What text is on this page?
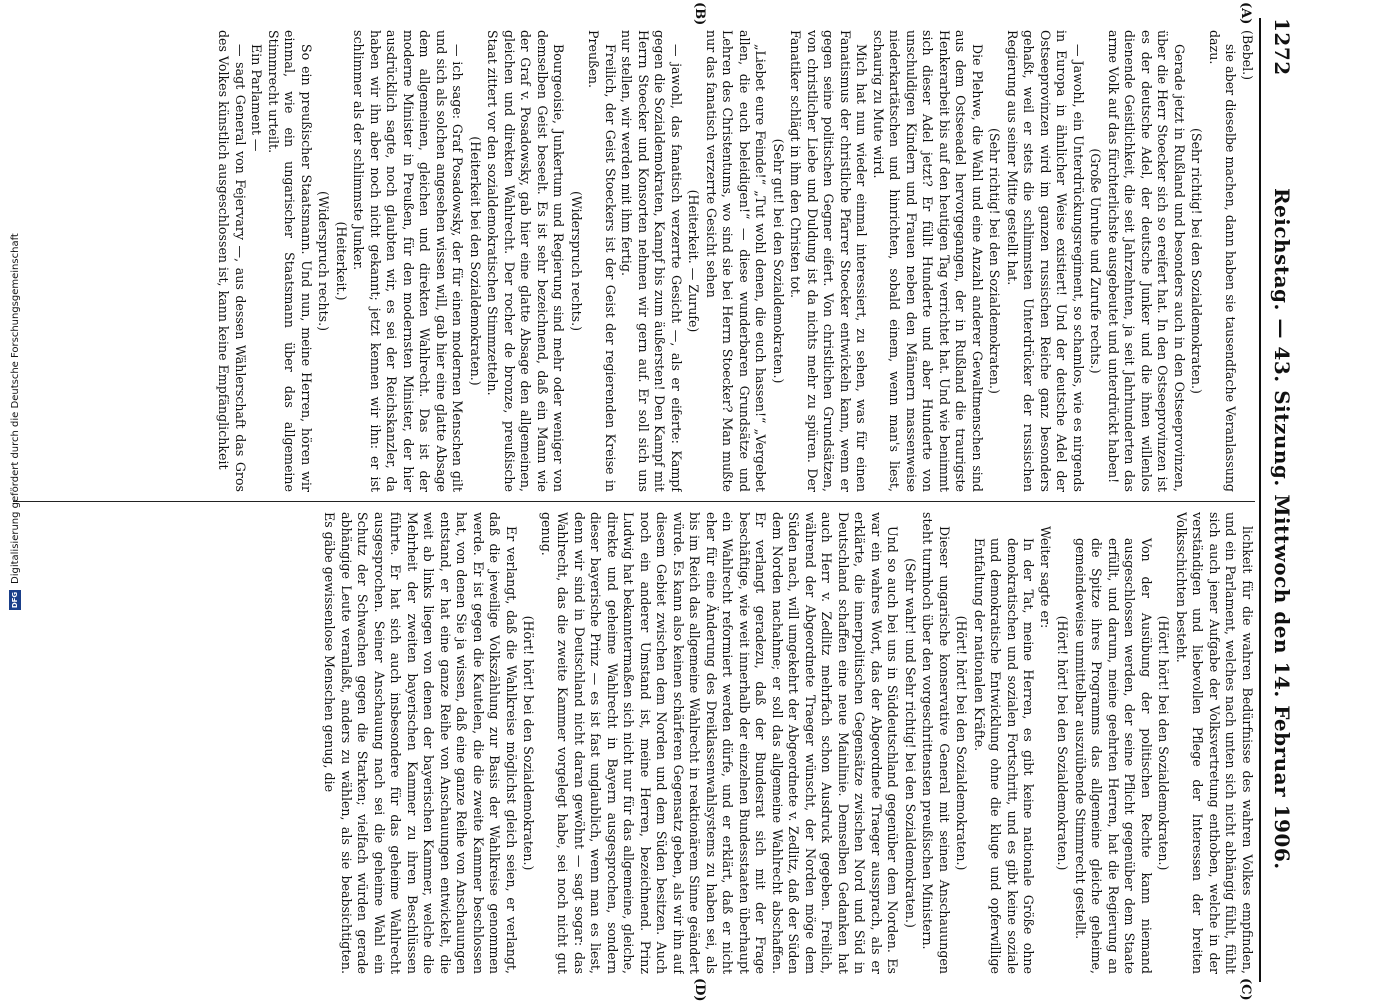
1272
Reichstag. — 43. Sitzung. Mittwoch den 14. Februar 1906.
(A)
(B)
(C)
(D)

(Bebel.)

sie aber dieselbe machen, dann haben sie tausendfache Veranlassung dazu.

(Sehr richtig! bei den Sozialdemokraten.)

Gerade jetzt in Rußland und besonders auch in den Ostseeprovinzen, über die Herr Stoecker sich so ereifert hat. In den Ostseeprovinzen ist es der deutsche Adel, der deutsche Junker und die ihnen willenlos dienende Geistlichkeit, die seit Jahrzehnten, ja seit Jahrhunderten das arme Volk auf das fürchterlichste ausgebeutet und unterdrückt haben!

(Große Unruhe und Zurufe rechts.)

— Jawohl, ein Unterdrückungsregiment, so schamlos, wie es nirgends in Europa in ähnlicher Weise existiert! Und der deutsche Adel der Ostseeprovinzen wird im ganzen russischen Reiche ganz besonders gehaßt, weil er stets die schlimmsten Unterdrücker der russischen Regierung aus seiner Mitte gestellt hat.

(Sehr richtig! bei den Sozialdemokraten.)

Die Plehwe, die Wahl und eine Anzahl anderer Gewaltmenschen sind aus dem Ostseeadel hervorgegangen, der in Rußland die traurigste Henkerarbeit bis auf den heutigen Tag verrichtet hat. Und wie benimmt sich dieser Adel jetzt? Er füllt Hunderte und aber Hunderte von unschuldigen Kindern und Frauen neben den Männern massenweise niederkartätschen und hinrichten, sobald einem, wenn man's liest, schaurig zu Mute wird.

Mich hat nun wieder einmal interessiert, zu sehen, was für einen Fanatismus der christliche Pfarrer Stoecker entwickeln kann, wenn er gegen seine politischen Gegner eifert. Von christlichen Grundsätzen, von christlicher Liebe und Duldung ist da nichts mehr zu spüren. Der Fanatiker schlägt in ihm den Christen tot.

(Sehr gut! bei den Sozialdemokraten.)

„Liebet eure Feinde!“ „Tut wohl denen, die euch hassen!“ „Vergebet allen, die euch beleidigen!“ — diese wunderbaren Grundsätze und Lehren des Christentums, wo sind sie bei Herrn Stoecker? Man mußte nur das fanatisch verzerrte Gesicht sehen

(Heiterkeit. — Zurufe)

— jawohl, das fanatisch verzerrte Gesicht —, als er eiferte: Kampf gegen die Sozialdemokraten, Kampf bis zum äußersten! Den Kampf mit Herrn Stoecker und Konsorten nehmen wir gern auf. Er soll sich uns nur stellen, wir werden mit ihm fertig.

Freilich, der Geist Stoeckers ist der Geist der regierenden Kreise in Preußen.

(Widerspruch rechts.)

Bourgeoisie, Junkertum und Regierung sind mehr oder weniger von demselben Geist beseelt. Es ist sehr bezeichnend, daß ein Mann wie der Graf v. Posadowsky, gab hier eine glatte Absage den allgemeinen, gleichen und direkten Wahlrecht. Der rocher de bronze, preußische Staat zittert vor den sozialdemokratischen Stimmzetteln.

(Heiterkeit bei den Sozialdemokraten.)

— ich sage: Graf Posadowsky, der für einen modernen Menschen gilt und sich als solchen angesehen wissen will, gab hier eine glatte Absage dem allgemeinen, gleichen und direkten Wahlrecht. Das ist der moderne Minister in Preußen, für den modernsten Minister, der hier ausdrücklich sagte, noch glaubten wir, es sei der Reichskanzler, da haben wir ihn aber noch nicht gekannt; jetzt kennen wir ihn: er ist schlimmer als der schlimmste Junker.

(Heiterkeit.)

(Widerspruch rechts.)

So ein preußischer Staatsmann. Und nun, meine Herren, hören wir einmal, wie ein ungarischer Staatsmann über das allgemeine Stimmrecht urteilt.

Ein Parlament —

— sagt General von Fejervary —, aus dessen Wählerschaft das Gros des Volkes künstlich ausgeschlossen ist, kann keine Empfänglichkeit

lichkeit für die wahren Bedürfnisse des wahren Volkes empfinden, und ein Parlament, welches nach unten sich nicht abhängig fühlt, fühlt sich auch jener Aufgabe der Volksvertretung enthoben, welche in der verständigen und liebevollen Pflege der Interessen der breiten Volksschichten besteht.

(Hört! hört! bei den Sozialdemokraten.)

Von der Ausübung der politischen Rechte kann niemand ausgeschlossen werden, der seine Pflicht gegenüber dem Staate erfüllt, und darum, meine geehrten Herren, hat die Regierung an die Spitze ihres Programms das allgemeine gleiche geheime, gemeindeweise unmittelbar auszuübende Stimmrecht gestellt.

(Hört! hört! bei den Sozialdemokraten.)

Weiter sagte er:

In der Tat, meine Herren, es gibt keine nationale Größe ohne demokratischen und sozialen Fortschritt, und es gibt keine soziale und demokratische Entwicklung ohne die kluge und opferwillige Entfaltung der nationalen Kräfte.

(Hört! hört! bei den Sozialdemokraten.)

Dieser ungarische konservative General mit seinen Anschauungen steht turmhoch über den vorgeschrittensten preußischen Ministern.

(Sehr wahr! und Sehr richtig! bei den Sozialdemokraten.)

Und so auch bei uns in Süddeutschland gegenüber dem Norden. Es war ein wahres Wort, das der Abgeordnete Traeger aussprach, als er erklärte, die innerpolitischen Gegensätze zwischen Nord und Süd in Deutschland schaffen eine neue Mainlinie. Demselben Gedanken hat auch Herr v. Zedlitz mehrfach schon Ausdruck gegeben. Freilich, während der Abgeordnete Traeger wünscht, der Norden möge dem Süden nach, will umgekehrt der Abgeordnete v. Zedlitz, daß der Süden dem Norden nachahme; er soll das allgemeine Wahlrecht abschaffen. Er verlangt geradezu, daß der Bundesrat sich mit der Frage beschäftige, wie weit innerhalb der einzelnen Bundesstaaten überhaupt ein Wahlrecht reformiert werden dürfe, und er erklärt, daß er nicht eher für eine Änderung des Dreiklassenwahlsystems zu haben sei, als bis im Reich das allgemeine Wahlrecht in reaktionärem Sinne geändert würde. Es kann also keinen schärferen Gegensatz geben, als wir ihn auf diesem Gebiet zwischen dem Norden und dem Süden besitzen. Auch noch ein anderer Umstand ist, meine Herren, bezeichnend. Prinz Ludwig hat bekanntermaßen sich nicht nur für das allgemeine, gleiche, direkte und geheime Wahlrecht in Bayern ausgesprochen, sondern dieser bayerische Prinz — es ist fast unglaublich, wenn man es liest, denn wir sind in Deutschland nicht daran gewöhnt — sagt sogar: das Wahlrecht, das die zweite Kammer vorgelegt habe, sei noch nicht gut genug.

(Hört! hört! bei den Sozialdemokraten.)

Er verlangt, daß die Wahlkreise möglichst gleich seien, er verlangt, daß die jeweilige Volkszählung zur Basis der Wahlkreise genommen werde. Er ist gegen die Kautelen, die die zweite Kammer beschlossen hat, von denen Sie ja wissen, daß eine ganze Reihe von Anschauungen entstand, er hat eine ganze Reihe von Anschauungen entwickelt, die weit ab links liegen von denen der bayerischen Kammer, welche die Mehrheit der zweiten bayerischen Kammer zu ihren Beschlüssen führte. Er hat sich auch insbesondere für das geheime Wahlrecht ausgesprochen. Seiner Anschauung nach sei die geheime Wahl ein Schutz der Schwachen gegen die Starken; vielfach würden gerade abhängige Leute veranlaßt, anders zu wählen, als sie beabsichtigten. Es gäbe gewissenlose Menschen genug, die

DFG
Digitalisierung gefördert durch die Deutsche Forschungsgemeinschaft
